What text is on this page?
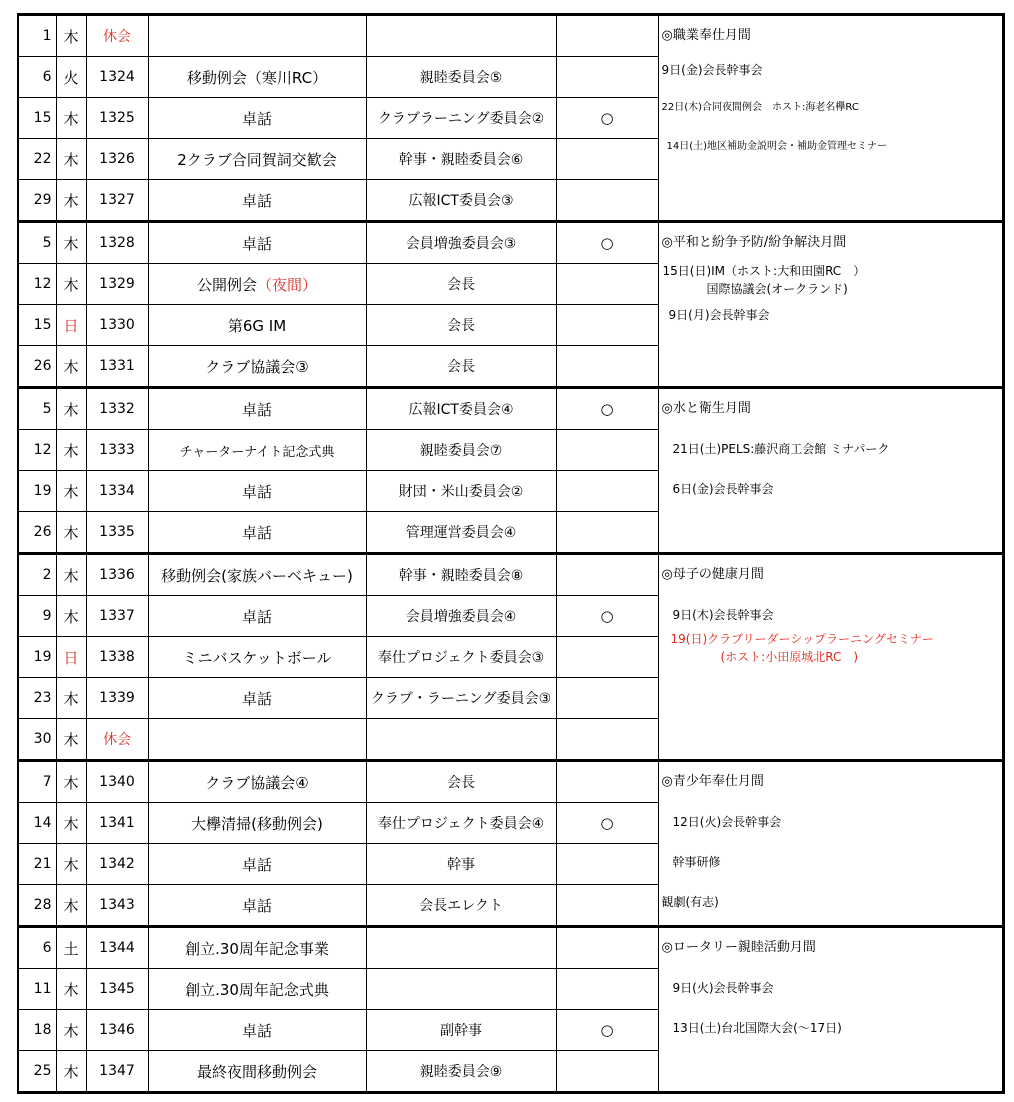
1	木	休会				◎職業奉仕月間
9日(金)会長幹事会
22日(木)合同夜間例会　ホスト:海老名欅RC
14日(土)地区補助金説明会・補助金管理セミナー

6	火	1324	移動例会（寒川RC）	親睦委員会⑤		
15	木	1325	卓話	クラブラーニング委員会②	○	
22	木	1326	2クラブ合同賀詞交歓会	幹事・親睦委員会⑥		
29	木	1327	卓話	広報ICT委員会③		
5	木	1328	卓話	会員増強委員会③	○	◎平和と紛争予防/紛争解決月間
15日(日)IM（ホスト:大和田園RC　）
国際協議会(オークランド)
9日(月)会長幹事会

12	木	1329	公開例会（夜間）	会長		
15	日	1330	第6G IM	会長		
26	木	1331	クラブ協議会③	会長		
5	木	1332	卓話	広報ICT委員会④	○	◎水と衛生月間
21日(土)PELS:藤沢商工会館 ミナパーク
6日(金)会長幹事会

12	木	1333	チャーターナイト記念式典	親睦委員会⑦		
19	木	1334	卓話	財団・米山委員会②		
26	木	1335	卓話	管理運営委員会④		
2	木	1336	移動例会(家族バーベキュー)	幹事・親睦委員会⑧		◎母子の健康月間
9日(木)会長幹事会
19(日)クラブリーダーシップラーニングセミナー
(ホスト:小田原城北RC　)

9	木	1337	卓話	会員増強委員会④	○	
19	日	1338	ミニバスケットボール	奉仕プロジェクト委員会③		
23	木	1339	卓話	クラブ・ラーニング委員会③		
30	木	休会				
7	木	1340	クラブ協議会④	会長		◎青少年奉仕月間
12日(火)会長幹事会
幹事研修
観劇(有志)

14	木	1341	大欅清掃(移動例会)	奉仕プロジェクト委員会④	○	
21	木	1342	卓話	幹事		
28	木	1343	卓話	会長エレクト		
6	土	1344	創立.30周年記念事業			◎ロータリー親睦活動月間
9日(火)会長幹事会
13日(土)台北国際大会(～17日)

11	木	1345	創立.30周年記念式典			
18	木	1346	卓話	副幹事	○	
25	木	1347	最終夜間移動例会	親睦委員会⑨		
